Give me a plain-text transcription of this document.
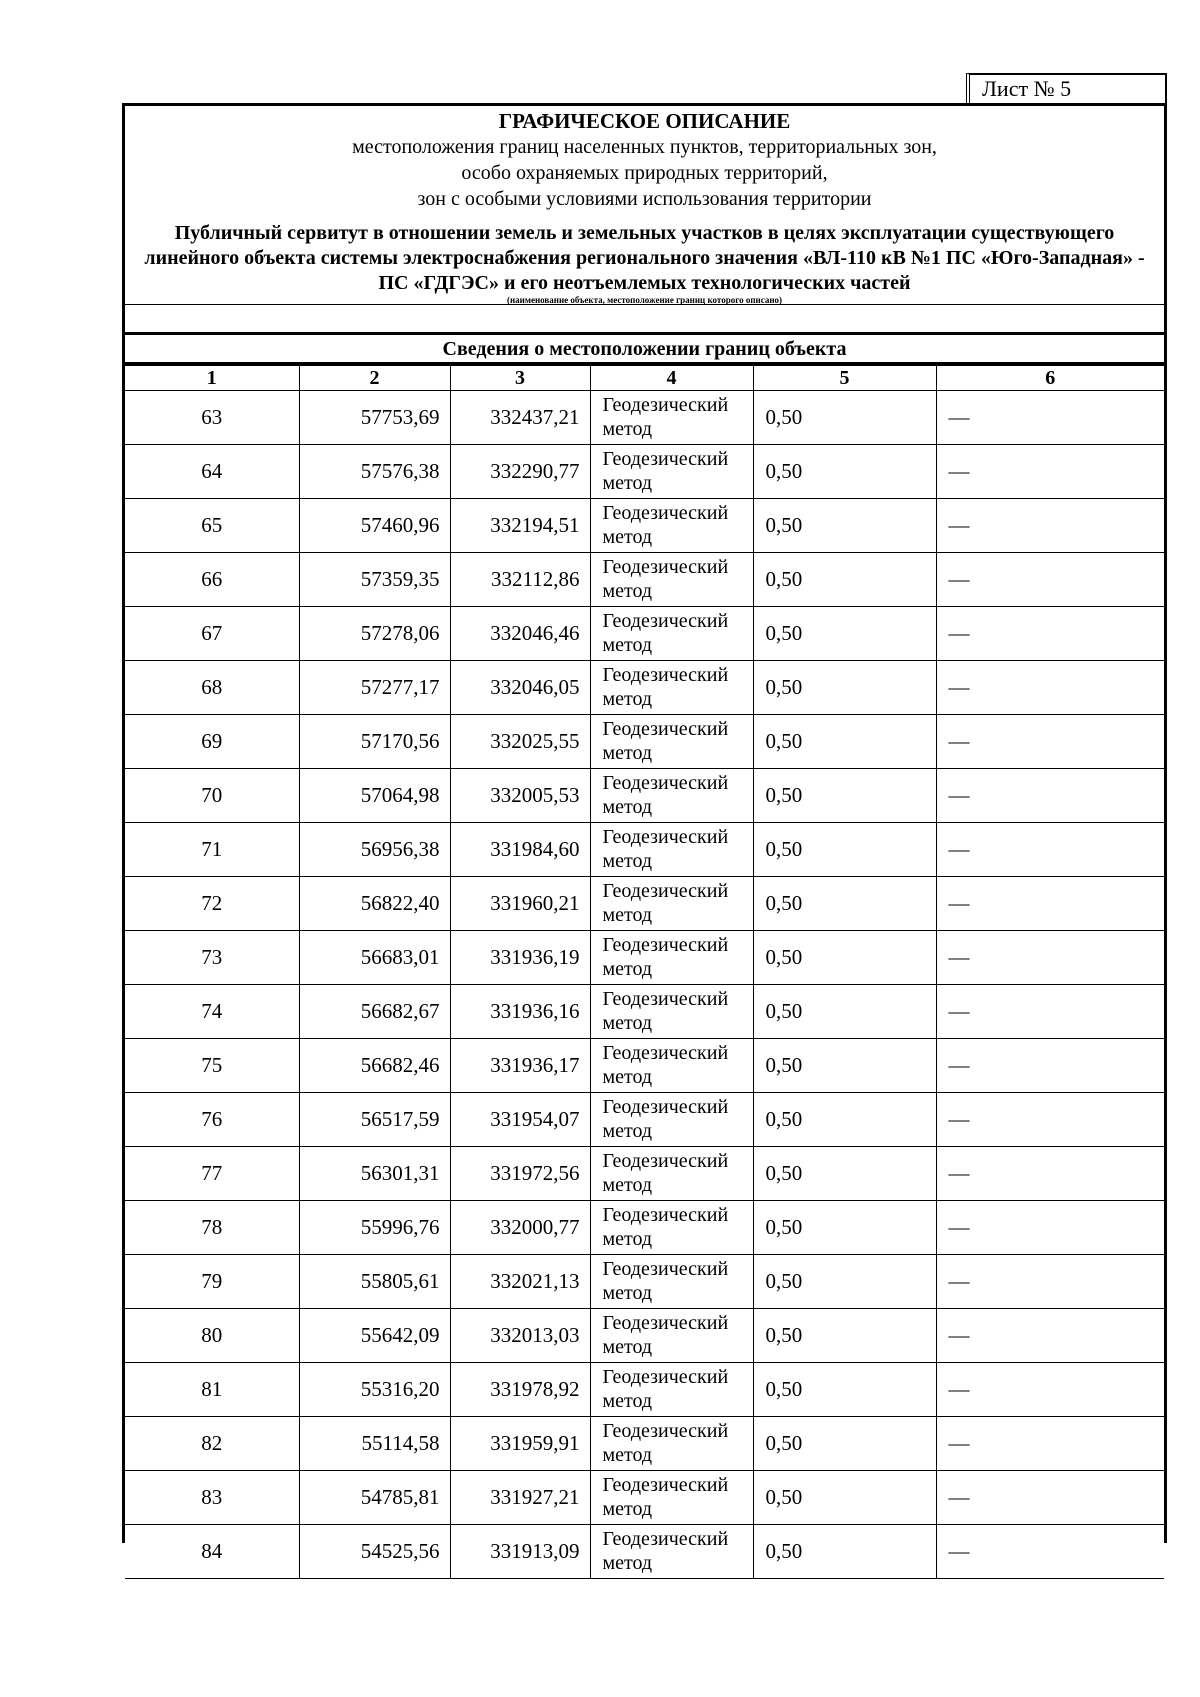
Лист № 5
ГРАФИЧЕСКОЕ ОПИСАНИЕ
местоположения границ населенных пунктов, территориальных зон,
особо охраняемых природных территорий,
зон с особыми условиями использования территории
Публичный сервитут в отношении земель и земельных участков в целях эксплуатации существующего линейного объекта системы электроснабжения регионального значения «ВЛ-110 кВ №1 ПС «Юго-Западная» - ПС «ГДГЭС» и его неотъемлемых технологических частей
(наименование объекта, местоположение границ которого описано)
Сведения о местоположении границ объекта
1	2	3	4	5	6
63	57753,69	332437,21	Геодезический метод	0,50	—
64	57576,38	332290,77	Геодезический метод	0,50	—
65	57460,96	332194,51	Геодезический метод	0,50	—
66	57359,35	332112,86	Геодезический метод	0,50	—
67	57278,06	332046,46	Геодезический метод	0,50	—
68	57277,17	332046,05	Геодезический метод	0,50	—
69	57170,56	332025,55	Геодезический метод	0,50	—
70	57064,98	332005,53	Геодезический метод	0,50	—
71	56956,38	331984,60	Геодезический метод	0,50	—
72	56822,40	331960,21	Геодезический метод	0,50	—
73	56683,01	331936,19	Геодезический метод	0,50	—
74	56682,67	331936,16	Геодезический метод	0,50	—
75	56682,46	331936,17	Геодезический метод	0,50	—
76	56517,59	331954,07	Геодезический метод	0,50	—
77	56301,31	331972,56	Геодезический метод	0,50	—
78	55996,76	332000,77	Геодезический метод	0,50	—
79	55805,61	332021,13	Геодезический метод	0,50	—
80	55642,09	332013,03	Геодезический метод	0,50	—
81	55316,20	331978,92	Геодезический метод	0,50	—
82	55114,58	331959,91	Геодезический метод	0,50	—
83	54785,81	331927,21	Геодезический метод	0,50	—
84	54525,56	331913,09	Геодезический метод	0,50	—
